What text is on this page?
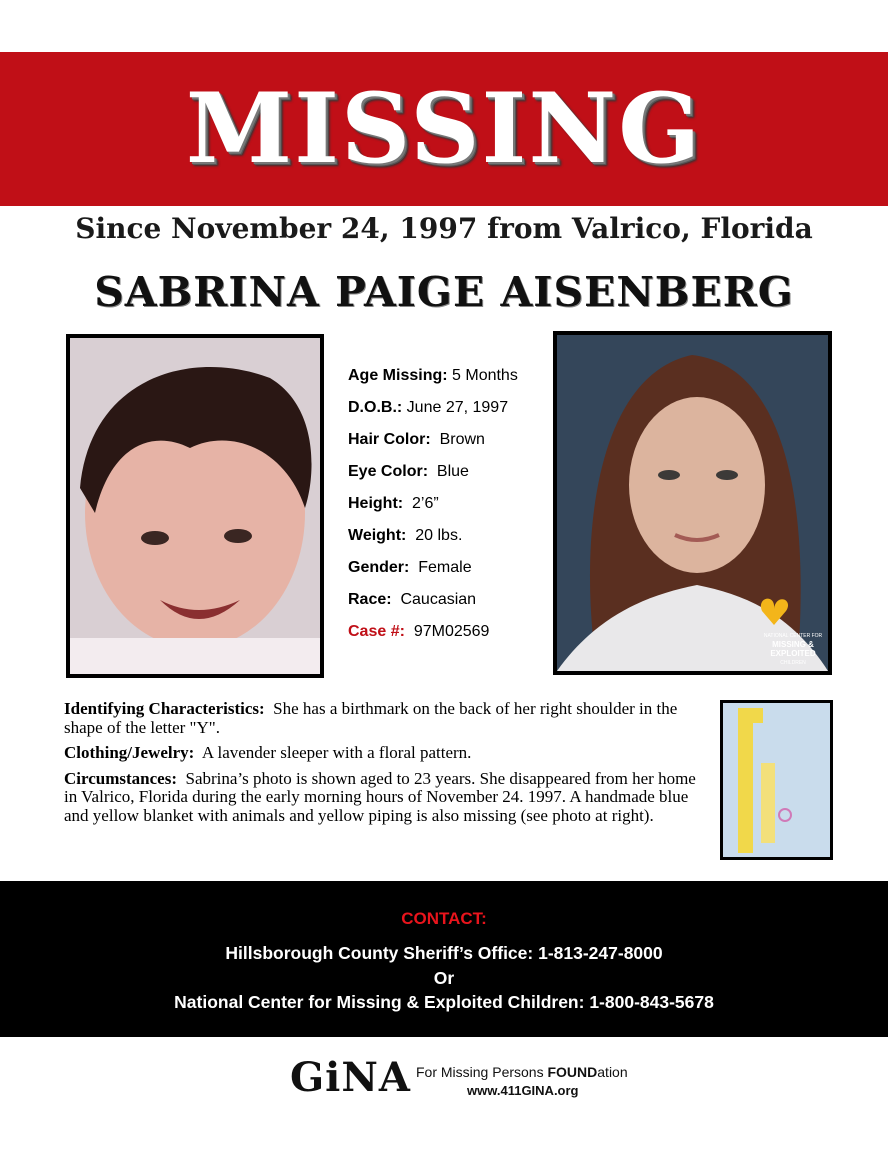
MISSING
Since November 24, 1997 from Valrico, Florida
SABRINA PAIGE AISENBERG
Age Missing: 5 Months
D.O.B.: June 27, 1997
Hair Color: Brown
Eye Color: Blue
Height: 2’6”
Weight: 20 lbs.
Gender: Female
Race: Caucasian
Case #: 97M02569	NATIONAL CENTER FOR
MISSING &
EXPLOITED
CHILDREN

Identifying Characteristics: She has a birthmark on the back of her right shoulder in the shape of the letter "Y".

Clothing/Jewelry: A lavender sleeper with a floral pattern.

Circumstances: Sabrina’s photo is shown aged to 23 years. She disappeared from her home in Valrico, Florida during the early morning hours of November 24. 1997. A handmade blue and yellow blanket with animals and yellow piping is also missing (see photo at right).

CONTACT:
Hillsborough County Sheriff’s Office: 1-813-247-8000
Or
National Center for Missing & Exploited Children: 1-800-843-5678
GiNA For Missing Persons FOUNDation
www.411GINA.org
